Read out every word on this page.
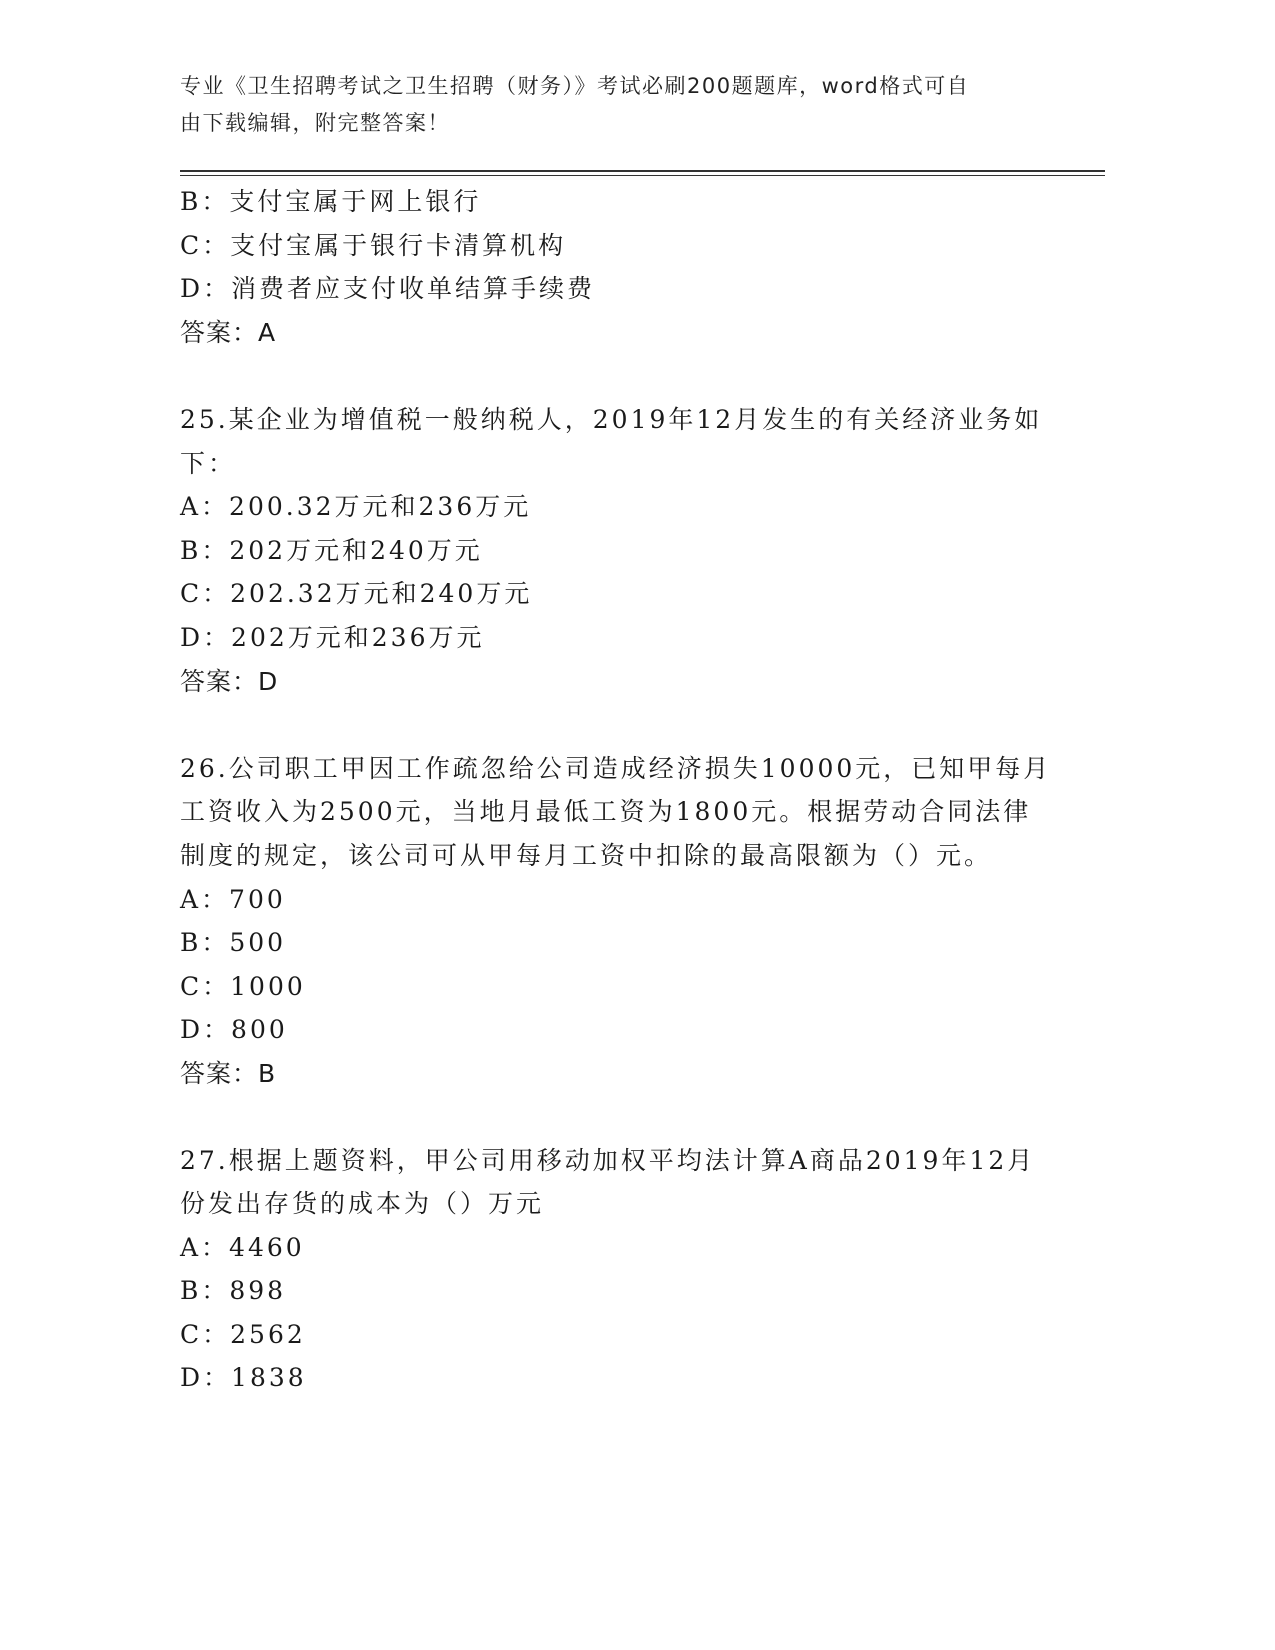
专业《卫生招聘考试之卫生招聘（财务）》考试必刷200题题库，word格式可自
由下载编辑，附完整答案！
B：支付宝属于网上银行
C：支付宝属于银行卡清算机构
D：消费者应支付收单结算手续费
答案：A
25.某企业为增值税一般纳税人，2019年12月发生的有关经济业务如
下：
A：200.32万元和236万元
B：202万元和240万元
C：202.32万元和240万元
D：202万元和236万元
答案：D
26.公司职工甲因工作疏忽给公司造成经济损失10000元，已知甲每月
工资收入为2500元，当地月最低工资为1800元。根据劳动合同法律
制度的规定，该公司可从甲每月工资中扣除的最高限额为（）元。
A：700
B：500
C：1000
D：800
答案：B
27.根据上题资料，甲公司用移动加权平均法计算A商品2019年12月
份发出存货的成本为（）万元
A：4460
B：898
C：2562
D：1838
